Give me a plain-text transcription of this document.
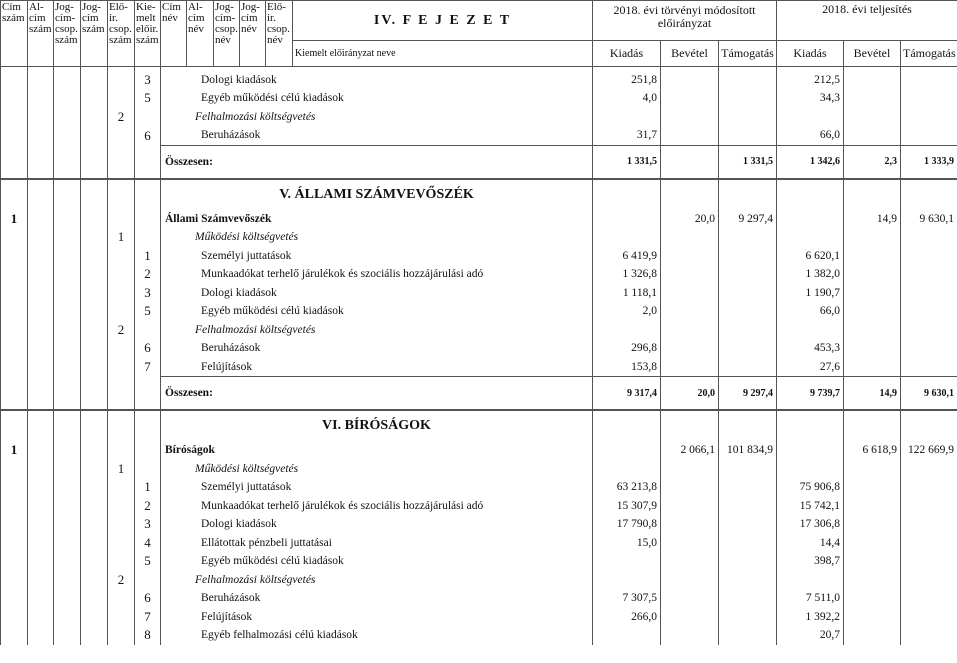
Cím szám	Al-cím szám	Jog-cím-csop. szám	Jog-cím szám	Elő-ir. csop. szám	Kie-melt előir. szám	Cím név	Al-cím név	Jog-cím-csop. név	Jog-cím név	Elő-ir. csop. név	IV. F E J E Z E T	2018. évi törvényi módosított előirányzat			2018. évi teljesítés		
											Kiemelt előirányzat neve	Kiadás	Bevétel	Támogatás	Kiadás	Bevétel	Támogatás
					3	Dologi kiadások						251,8			212,5		
					5	Egyéb működési célú kiadások						4,0			34,3		
				2		Felhalmozási költségvetés											
					6	Beruházások						31,7			66,0		
						Összesen:						1 331,5		1 331,5	1 342,6	2,3	1 333,9
						V. ÁLLAMI SZÁMVEVŐSZÉK											
1						Állami Számvevőszék							20,0	9 297,4		14,9	9 630,1
				1		Működési költségvetés											
					1	Személyi juttatások						6 419,9			6 620,1		
					2	Munkaadókat terhelő járulékok és szociális hozzájárulási adó						1 326,8			1 382,0		
					3	Dologi kiadások						1 118,1			1 190,7		
					5	Egyéb működési célú kiadások						2,0			66,0		
				2		Felhalmozási költségvetés											
					6	Beruházások						296,8			453,3		
					7	Felújítások						153,8			27,6		
						Összesen:						9 317,4	20,0	9 297,4	9 739,7	14,9	9 630,1
						VI. BÍRÓSÁGOK											
1						Bíróságok							2 066,1	101 834,9		6 618,9	122 669,9
				1		Működési költségvetés											
					1	Személyi juttatások						63 213,8			75 906,8		
					2	Munkaadókat terhelő járulékok és szociális hozzájárulási adó						15 307,9			15 742,1		
					3	Dologi kiadások						17 790,8			17 306,8		
					4	Ellátottak pénzbeli juttatásai						15,0			14,4		
					5	Egyéb működési célú kiadások									398,7		
				2		Felhalmozási költségvetés											
					6	Beruházások						7 307,5			7 511,0		
					7	Felújítások						266,0			1 392,2		
					8	Egyéb felhalmozási célú kiadások									20,7		
